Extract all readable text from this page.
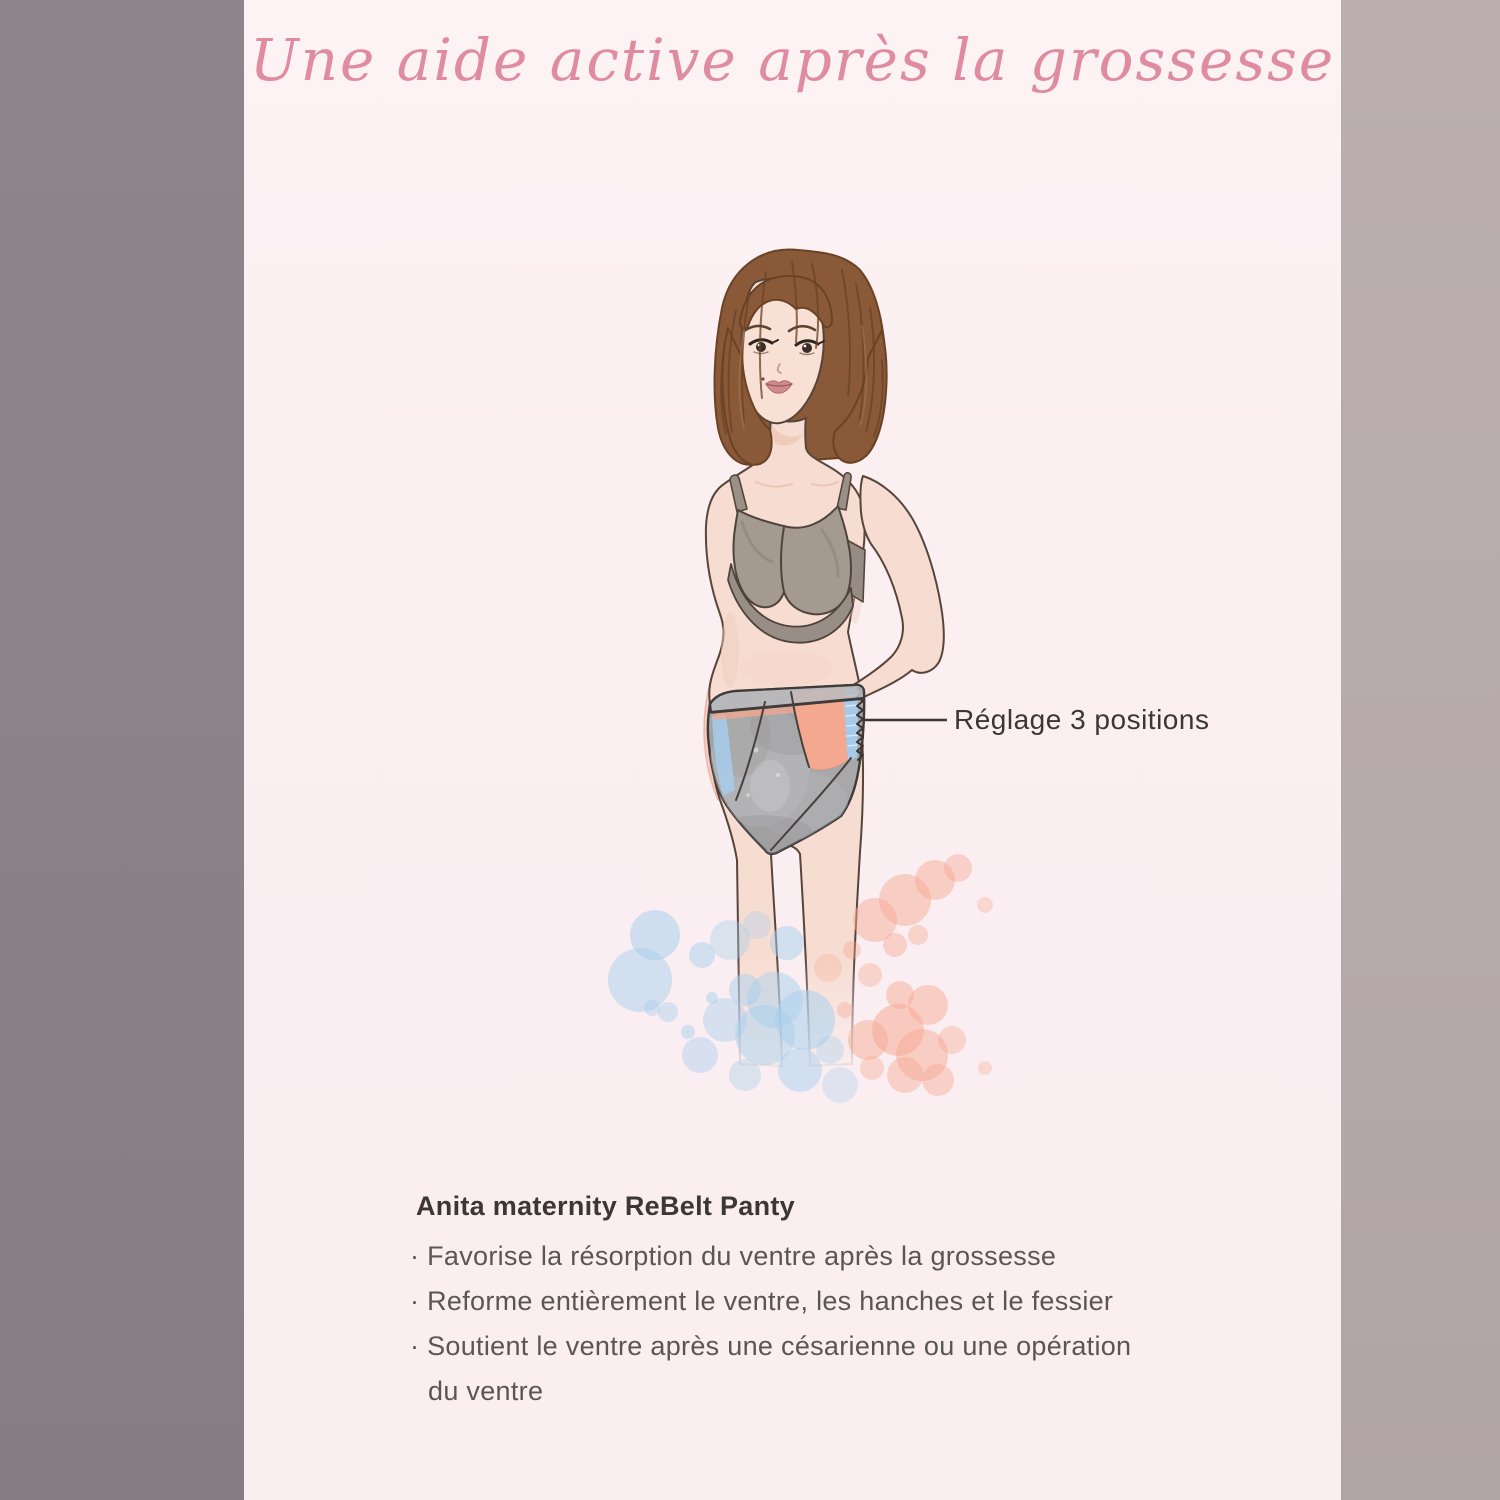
Une aide active après la grossesse
Réglage 3 positions
Anita maternity ReBelt Panty
· Favorise la résorption du ventre après la grossesse
· Reforme entièrement le ventre, les hanches et le fessier
· Soutient le ventre après une césarienne ou une opération
du ventre
